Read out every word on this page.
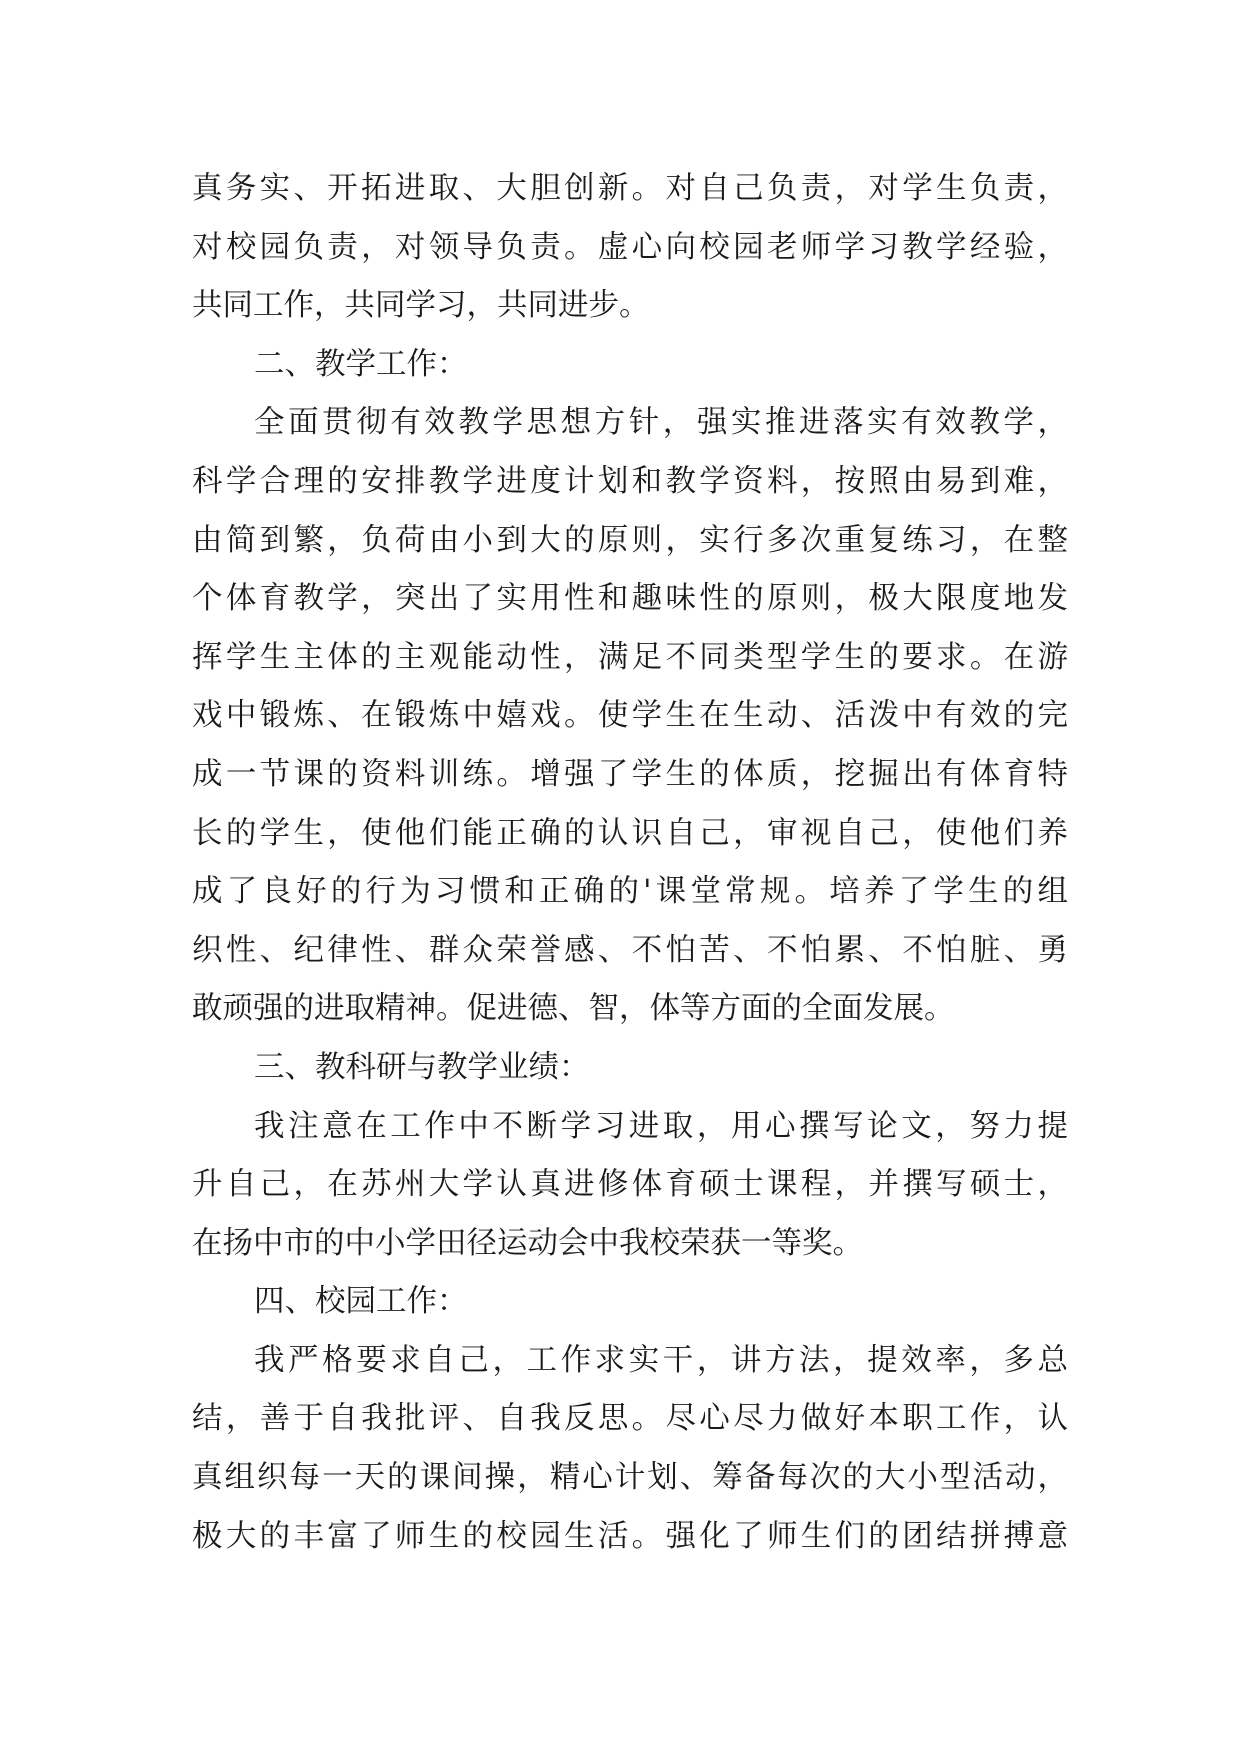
真务实、开拓进取、大胆创新。对自己负责，对学生负责，
对校园负责，对领导负责。虚心向校园老师学习教学经验，
共同工作，共同学习，共同进步。
二、教学工作：
全面贯彻有效教学思想方针，强实推进落实有效教学，
科学合理的安排教学进度计划和教学资料，按照由易到难，
由简到繁，负荷由小到大的原则，实行多次重复练习，在整
个体育教学，突出了实用性和趣味性的原则，极大限度地发
挥学生主体的主观能动性，满足不同类型学生的要求。在游
戏中锻炼、在锻炼中嬉戏。使学生在生动、活泼中有效的完
成一节课的资料训练。增强了学生的体质，挖掘出有体育特
长的学生，使他们能正确的认识自己，审视自己，使他们养
成了良好的行为习惯和正确的'课堂常规。培养了学生的组
织性、纪律性、群众荣誉感、不怕苦、不怕累、不怕脏、勇
敢顽强的进取精神。促进德、智，体等方面的全面发展。
三、教科研与教学业绩：
我注意在工作中不断学习进取，用心撰写论文，努力提
升自己，在苏州大学认真进修体育硕士课程，并撰写硕士，
在扬中市的中小学田径运动会中我校荣获一等奖。
四、校园工作：
我严格要求自己，工作求实干，讲方法，提效率，多总
结，善于自我批评、自我反思。尽心尽力做好本职工作，认
真组织每一天的课间操，精心计划、筹备每次的大小型活动，
极大的丰富了师生的校园生活。强化了师生们的团结拼搏意
